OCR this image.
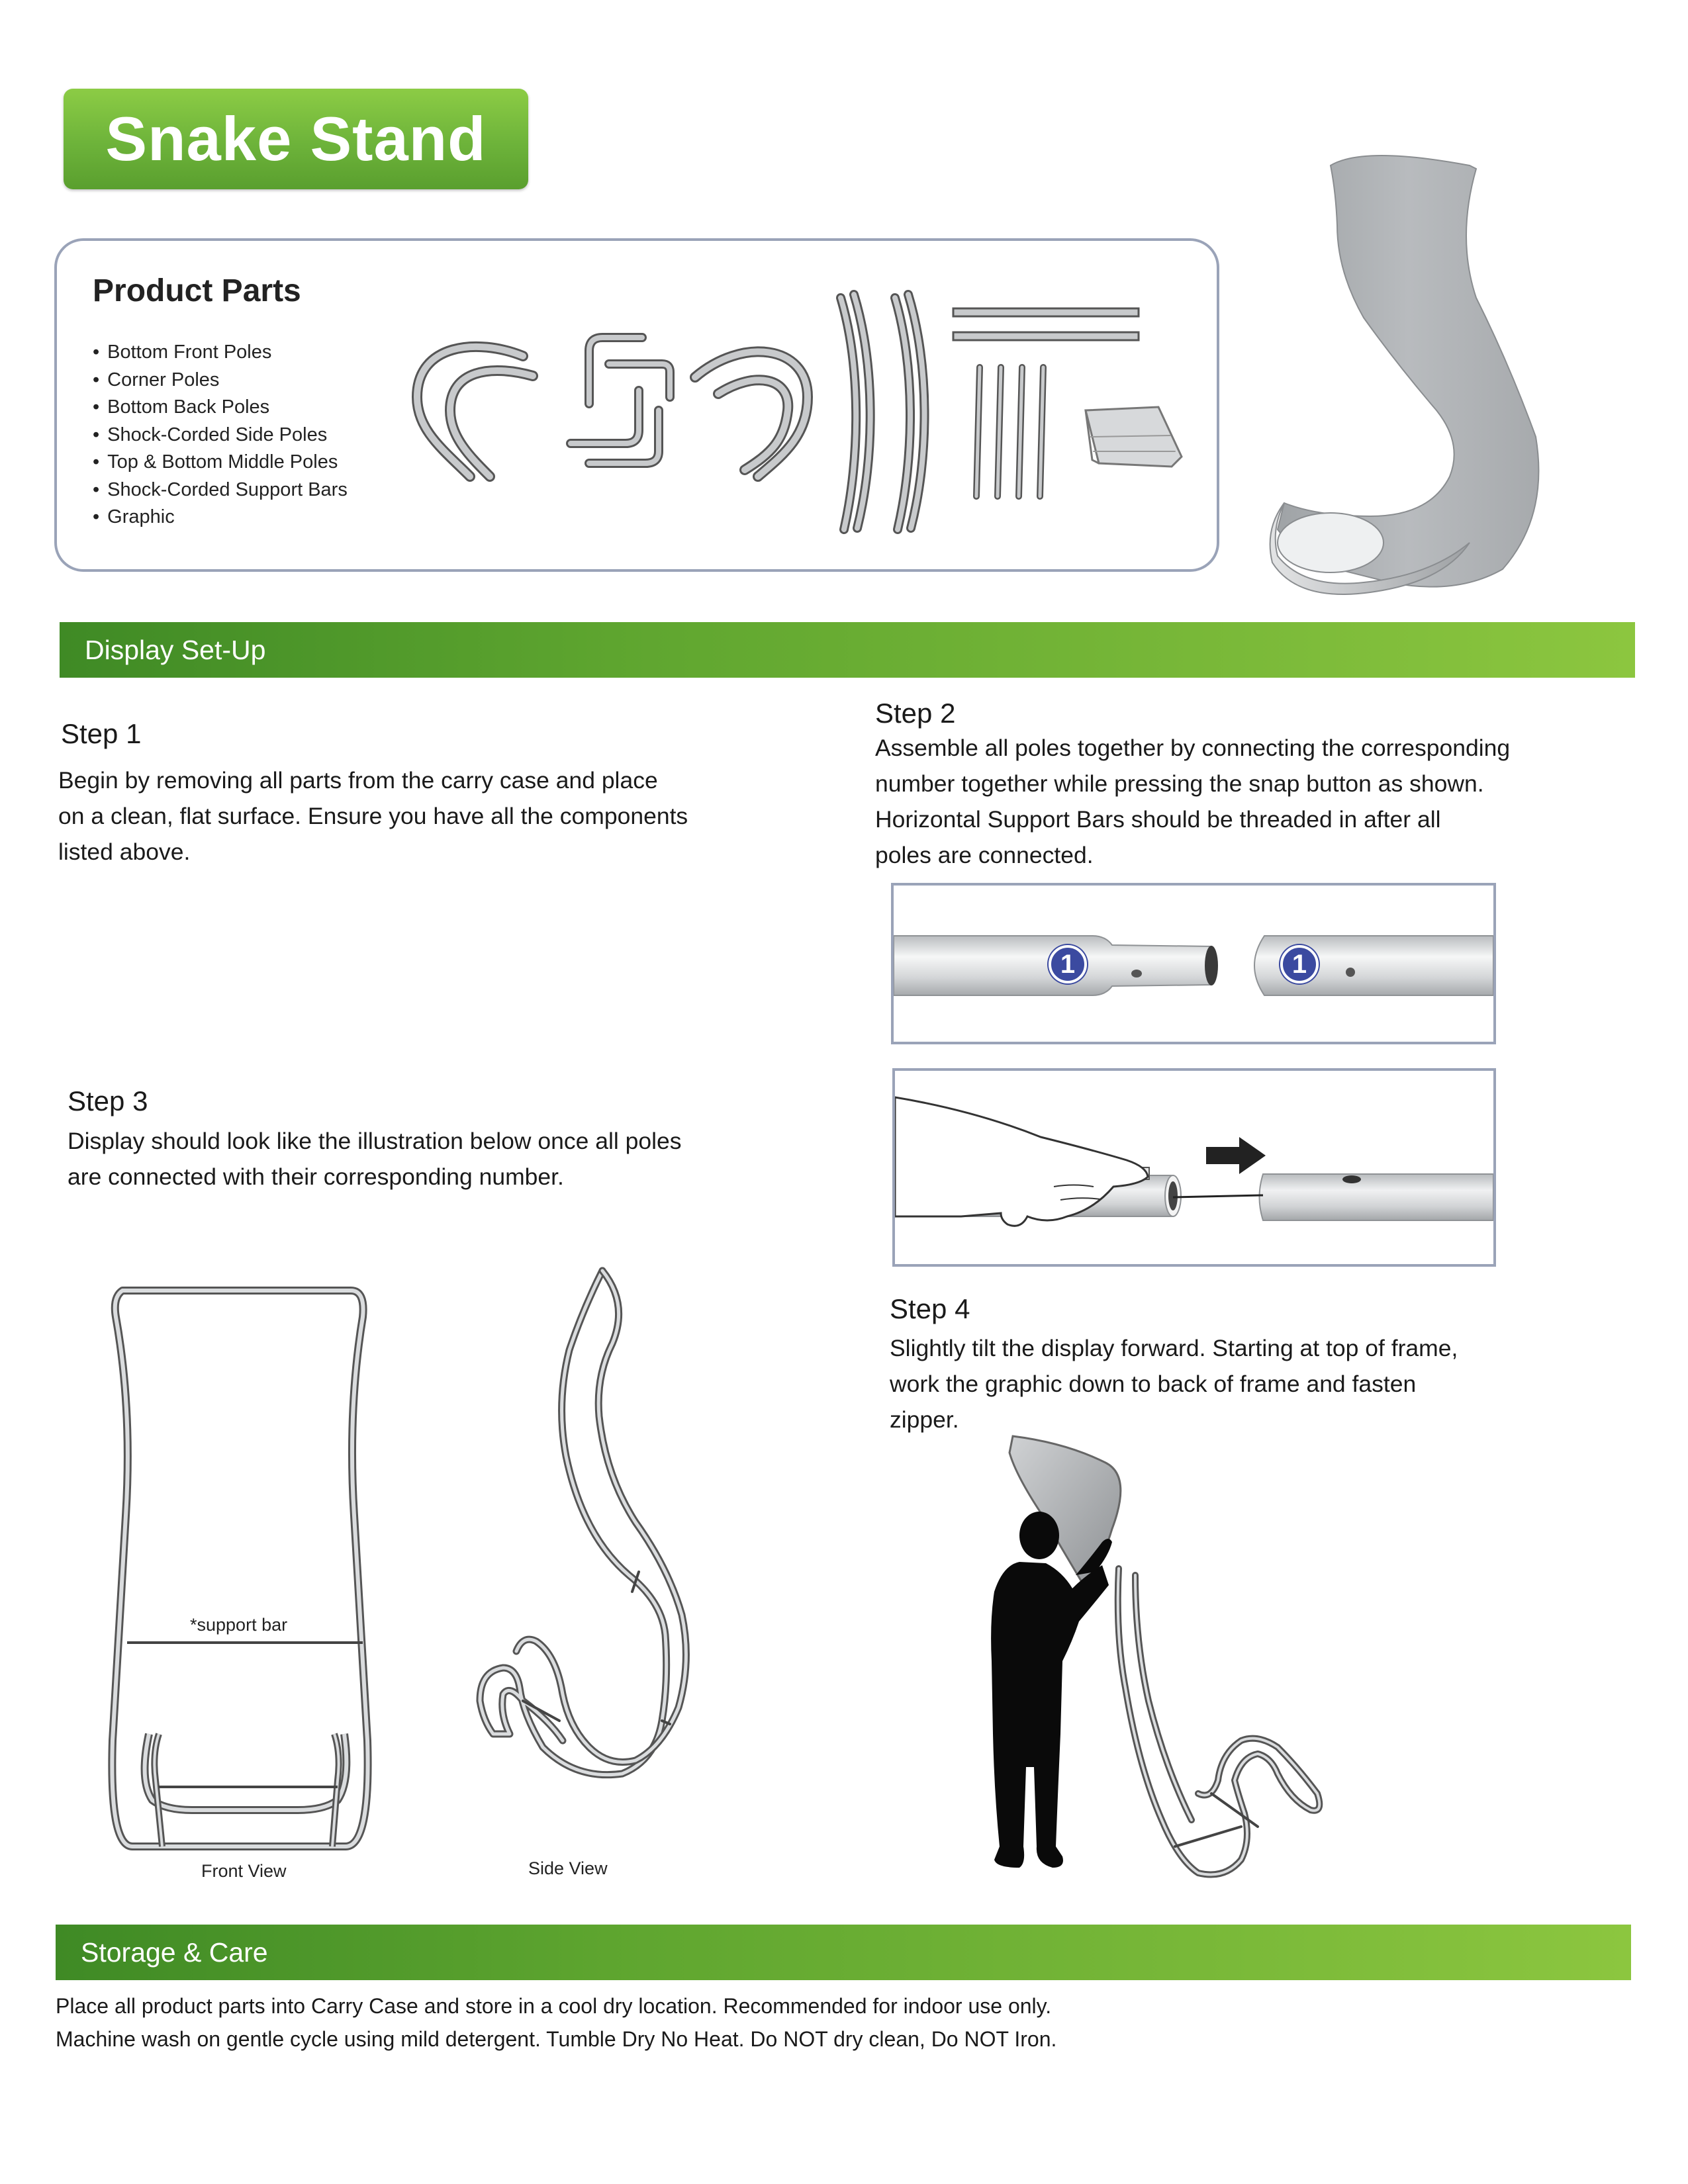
Snake Stand
Product Parts
• Bottom Front Poles
• Corner Poles
• Bottom Back Poles
• Shock-Corded Side Poles
• Top & Bottom Middle Poles
• Shock-Corded Support Bars
• Graphic
Display Set-Up
Step 1

Begin by removing all parts from the carry case and place

on a clean, flat surface. Ensure you have all the components

listed above.

Step 2

Assemble all poles together by connecting the corresponding

number together while pressing the snap button as shown.

Horizontal Support Bars should be threaded in after all

poles are connected.

1	1
Step 3

Display should look like the illustration below once all poles

are connected with their corresponding number.

*support bar
Front View	Side View
Step 4

Slightly tilt the display forward. Starting at top of frame,

work the graphic down to back of frame and fasten

zipper.

Storage & Care
Place all product parts into Carry Case and store in a cool dry location. Recommended for indoor use only.
Machine wash on gentle cycle using mild detergent. Tumble Dry No Heat. Do NOT dry clean, Do NOT Iron.
